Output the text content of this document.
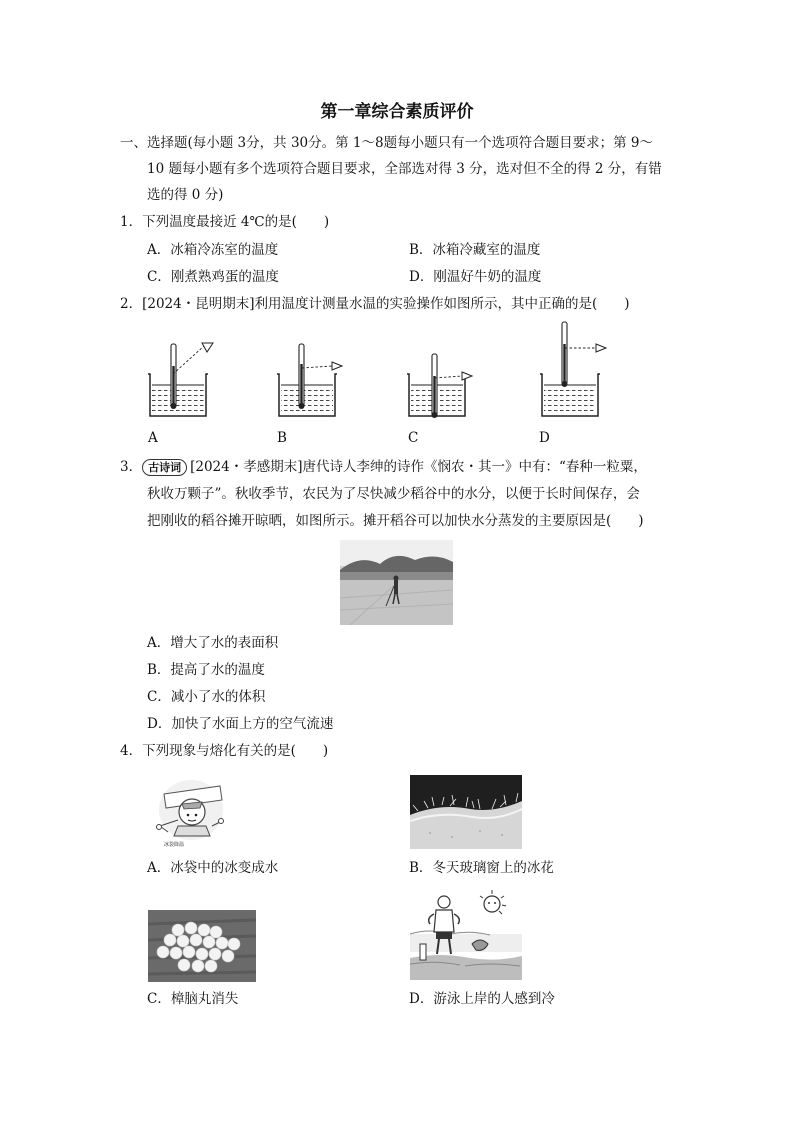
第一章综合素质评价
一、选择题(每小题 3分，共 30分。第 1～8题每小题只有一个选项符合题目要求；第 9～
10 题每小题有多个选项符合题目要求，全部选对得 3 分，选对但不全的得 2 分，有错
选的得 0 分)
1．下列温度最接近 4℃的是(　　)
A．冰箱冷冻室的温度	B．冰箱冷藏室的温度
C．刚煮熟鸡蛋的温度	D．刚温好牛奶的温度
2．[2024・昆明期末]利用温度计测量水温的实验操作如图所示，其中正确的是(　　)
A	B	C	D
3． 古诗词 [2024・孝感期末]唐代诗人李绅的诗作《悯农・其一》中有：“春种一粒粟，
秋收万颗子”。秋收季节，农民为了尽快减少稻谷中的水分，以便于长时间保存，会
把刚收的稻谷摊开晾晒，如图所示。摊开稻谷可以加快水分蒸发的主要原因是(　　)
A．增大了水的表面积
B．提高了水的温度
C．减小了水的体积
D．加快了水面上方的空气流速
4．下列现象与熔化有关的是(　　)
冰袋降温
A．冰袋中的冰变成水	B．冬天玻璃窗上的冰花
C．樟脑丸消失	D．游泳上岸的人感到冷
